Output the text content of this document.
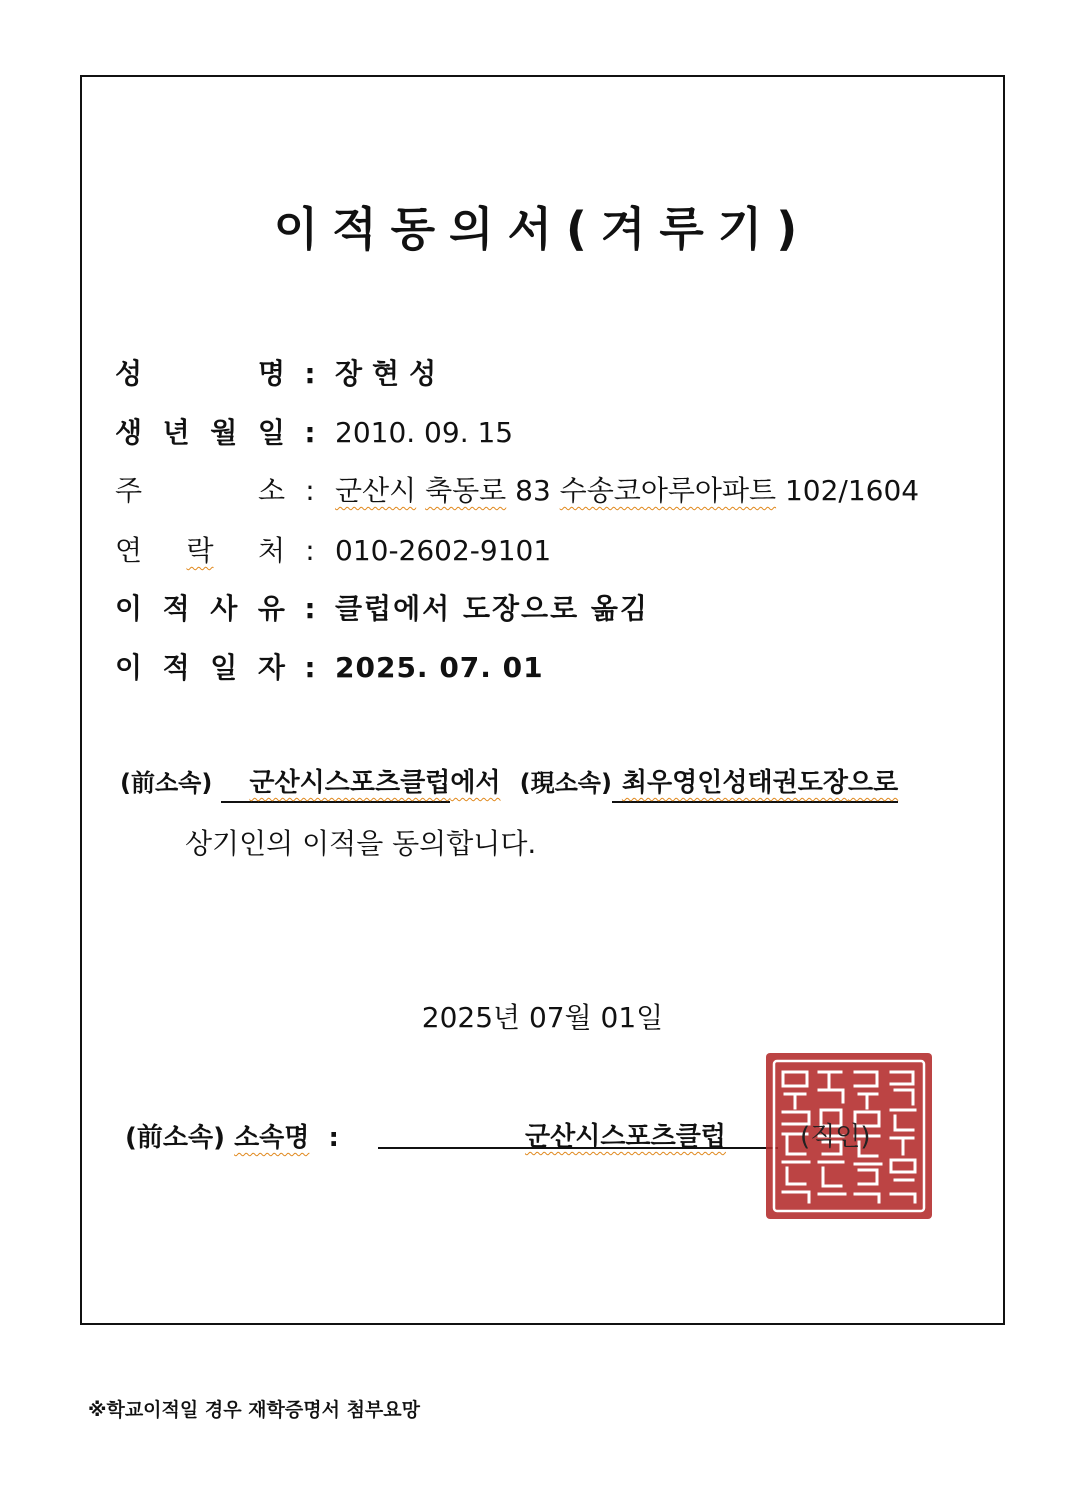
이적동의서(겨루기)
성	명 : 장현성
생 년 월 일 : 2010. 09. 15
주	소 : 군산시 축동로 83 수송코아루아파트 102/1604
연 락 처 : 010-2602-9101
이 적 사 유 : 클럽에서 도장으로 옮김
이 적 일 자 : 2025. 07. 01
(前소속) 군산시스포츠클럽에서 (現소속) 최우영인성태권도장으로
상기인의 이적을 동의합니다.
2025년 07월 01일
(前소속) 소속명 :	군산시스포츠클럽	(직인)
※학교이적일 경우 재학증명서 첨부요망
